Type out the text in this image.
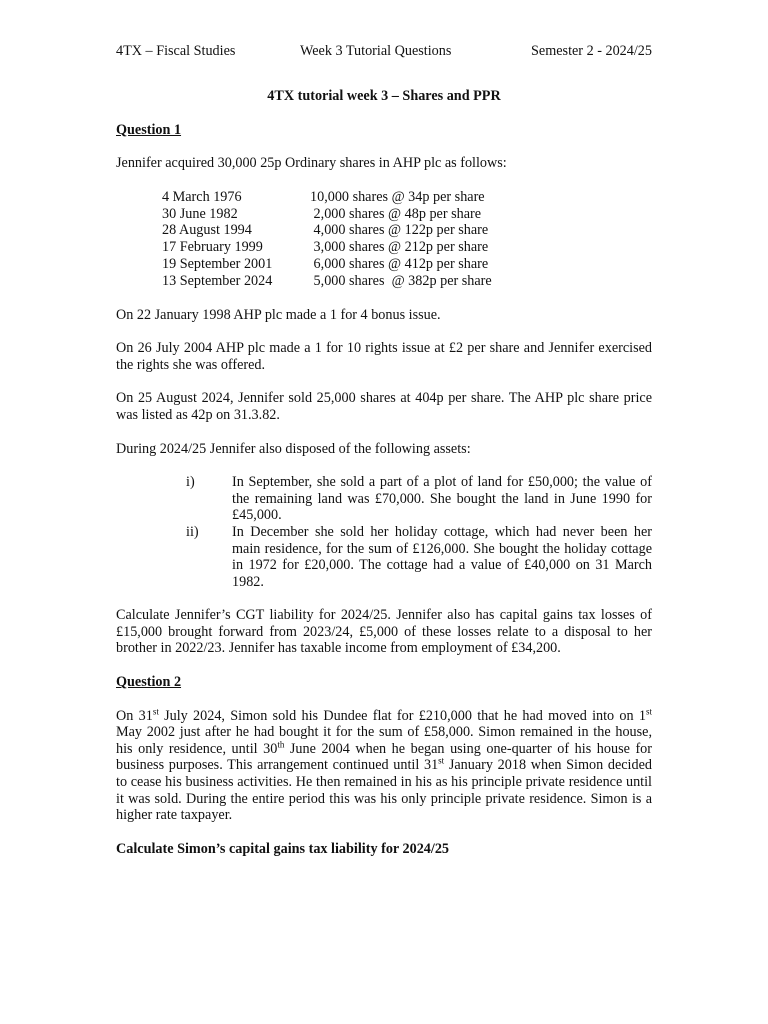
4TX – Fiscal Studies	Week 3 Tutorial Questions	Semester 2 - 2024/25
4TX tutorial week 3 – Shares and PPR
Question 1

Jennifer acquired 30,000 25p Ordinary shares in AHP plc as follows:

4 March 1976	10,000 shares @ 34p per share
30 June 1982	2,000 shares @ 48p per share
28 August 1994	4,000 shares @ 122p per share
17 February 1999	3,000 shares @ 212p per share
19 September 2001	6,000 shares @ 412p per share
13 September 2024	5,000 shares  @ 382p per share

On 22 January 1998 AHP plc made a 1 for 4 bonus issue.

On 26 July 2004 AHP plc made a 1 for 10 rights issue at £2 per share and Jennifer exercised the rights she was offered.

On 25 August 2024, Jennifer sold 25,000 shares at 404p per share. The AHP plc share price was listed as 42p on 31.3.82.

During 2024/25 Jennifer also disposed of the following assets:

i)	In September, she sold a part of a plot of land for £50,000; the value of the remaining land was £70,000. She bought the land in June 1990 for £45,000.
ii)	In December she sold her holiday cottage, which had never been her main residence, for the sum of £126,000. She bought the holiday cottage in 1972 for £20,000. The cottage had a value of £40,000 on 31 March 1982.

Calculate Jennifer’s CGT liability for 2024/25. Jennifer also has capital gains tax losses of £15,000 brought forward from 2023/24, £5,000 of these losses relate to a disposal to her brother in 2022/23. Jennifer has taxable income from employment of £34,200.

Question 2

On 31st July 2024, Simon sold his Dundee flat for £210,000 that he had moved into on 1st May 2002 just after he had bought it for the sum of £58,000. Simon remained in the house, his only residence, until 30th June 2004 when he began using one-quarter of his house for business purposes. This arrangement continued until 31st January 2018 when Simon decided to cease his business activities. He then remained in his as his principle private residence until it was sold. During the entire period this was his only principle private residence. Simon is a higher rate taxpayer.

Calculate Simon’s capital gains tax liability for 2024/25
